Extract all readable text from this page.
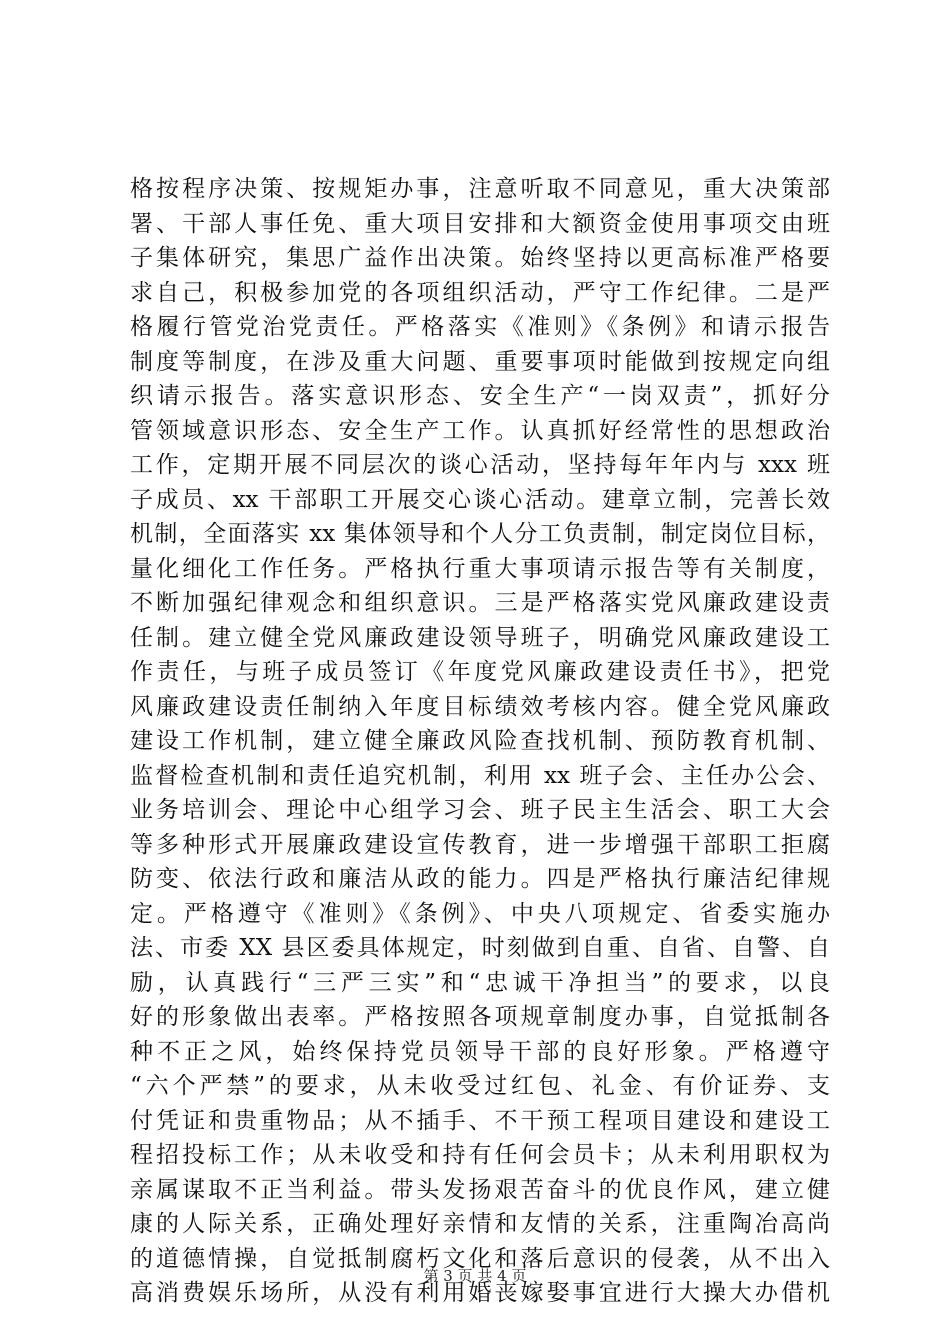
格按程序决策、按规矩办事，注意听取不同意见，重大决策部
署、干部人事任免、重大项目安排和大额资金使用事项交由班
子集体研究，集思广益作出决策。始终坚持以更高标准严格要
求自己，积极参加党的各项组织活动，严守工作纪律。二是严
格履行管党治党责任。严格落实《准则》《条例》和请示报告
制度等制度，在涉及重大问题、重要事项时能做到按规定向组
织请示报告。落实意识形态、安全生产“一岗双责”，抓好分
管领域意识形态、安全生产工作。认真抓好经常性的思想政治
工作，定期开展不同层次的谈心活动，坚持每年年内与 xxx 班
子成员、xx 干部职工开展交心谈心活动。建章立制，完善长效
机制，全面落实 xx 集体领导和个人分工负责制，制定岗位目标，
量化细化工作任务。严格执行重大事项请示报告等有关制度，
不断加强纪律观念和组织意识。三是严格落实党风廉政建设责
任制。建立健全党风廉政建设领导班子，明确党风廉政建设工
作责任，与班子成员签订《年度党风廉政建设责任书》，把党
风廉政建设责任制纳入年度目标绩效考核内容。健全党风廉政
建设工作机制，建立健全廉政风险查找机制、预防教育机制、
监督检查机制和责任追究机制，利用 xx 班子会、主任办公会、
业务培训会、理论中心组学习会、班子民主生活会、职工大会
等多种形式开展廉政建设宣传教育，进一步增强干部职工拒腐
防变、依法行政和廉洁从政的能力。四是严格执行廉洁纪律规
定。严格遵守《准则》《条例》、中央八项规定、省委实施办
法、市委 XX 县区委具体规定，时刻做到自重、自省、自警、自
励，认真践行“三严三实”和“忠诚干净担当”的要求，以良
好的形象做出表率。严格按照各项规章制度办事，自觉抵制各
种不正之风，始终保持党员领导干部的良好形象。严格遵守
“六个严禁”的要求，从未收受过红包、礼金、有价证券、支
付凭证和贵重物品；从不插手、不干预工程项目建设和建设工
程招投标工作；从未收受和持有任何会员卡；从未利用职权为
亲属谋取不正当利益。带头发扬艰苦奋斗的优良作风，建立健
康的人际关系，正确处理好亲情和友情的关系，注重陶冶高尚
的道德情操，自觉抵制腐朽文化和落后意识的侵袭，从不出入
高消费娱乐场所，从没有利用婚丧嫁娶事宜进行大操大办借机
第 3 页 共 4 页
